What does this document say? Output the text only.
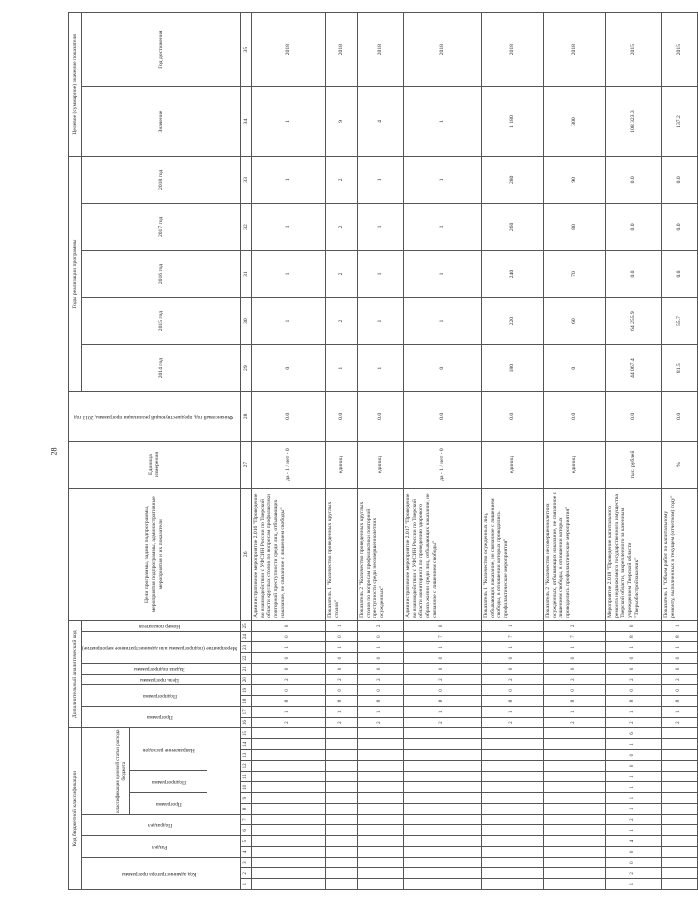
28
Код бюджетной классификации															Дополнительный аналитический код										Цели программы, задачи подпрограммы, мероприятия подпрограммы, административные мероприятия и их показатели	Единица измерения	Финансовый год, предшествующий реализации программы, 2013 год	Годы реализации программы					Целевое (суммарное) значение показателя	
Код администратора программы			Раздел		Подраздел		классификация целевой статьи расхода бюджета
Программа
Подпрограмма
Направление расходов								Программа		Подпрограмма		Цель программы	Задача подпрограммы	Мероприятие (подпрограммы или административное мероприятие)			Номер показателя				2014 год	2015 год	2016 год	2017 год	2018 год	Значение	Год достижения

1	2	3	4	5	6	7	8	9	10	11	12	13	14	15	16	17	18	19	20	21	22	23	24	25	26	27	28	29	30	31	32	33	34	35
															2	1	8	0	2	0	0	1	0	0	Административное мероприятие 2.016 "Проведение во взаимодействии с УФСИН России по Тверской области круглых столов по вопросам профилактики повторной преступности среди лиц, отбывающих наказание, не связанное с лишением свободы"	да - 1 / нет - 0	0.0	0	1	1	1	1	1	2018
															2	1	8	0	2	0	0	1	0	1	Показатель 1 "Количество проведенных круглых столов"	единиц	0.0	1	2	2	2	2	9	2018
															2	1	8	0	2	0	0	1	0	2	Показатель 2 "Количество проведенных круглых столов по вопросам профилактики повторной преступности среди несовершеннолетних осужденных"	единиц	0.0	1	1	1	1	1	4	2018
															2	1	8	0	2	0	0	1	7	0	Административное мероприятие 2.017 "Проведение во взаимодействии с УФСИН России по Тверской области мониторинга по проведению здорового образа жизни среди лиц, отбывающих наказание, не связанное с лишением свободы"	да - 1 / нет - 0	0.0	0	1	1	1	1	1	2018
															2	1	8	0	2	0	0	1	7	1	Показатель 1 "Количество осужденных лиц, отбывающих наказание, не связанное с лишением свободы, в отношении которых проводились профилактические мероприятия"	единиц	0.0	180	220	240	260	280	1 180	2018
															2	1	8	0	2	0	0	1	7	2	Показатель 2 "Количество несовершеннолетних осужденных, отбывающих наказание, не связанное с лишением свободы, в отношении которых проводились профилактические мероприятия"	единиц	0.0	0	60	70	80	90	300	2018
1	2	0	0	4	1	2	1	1	1	1	0	0	1	6	2	1	8	0	2	0	0	1	8	0	Мероприятие 2.018 "Проведение капитального ремонта недвижимого государственного имущества Тверской области, закрепленного за казенным учреждением Тверской области "Тверьоблстройзаказчик"	тыс. рублей	0.0	44 067.4	64 255.9	0.0	0.0	0.0	108 323.3	2015
															2	1	8	0	2	0	0	1	8	1	Показатель 1 "Объем работ по капитальному ремонту, выполненных в текущем (отчетном) году"	%	0.0	81.5	55.7	0.0	0.0	0.0	137.2	2015
